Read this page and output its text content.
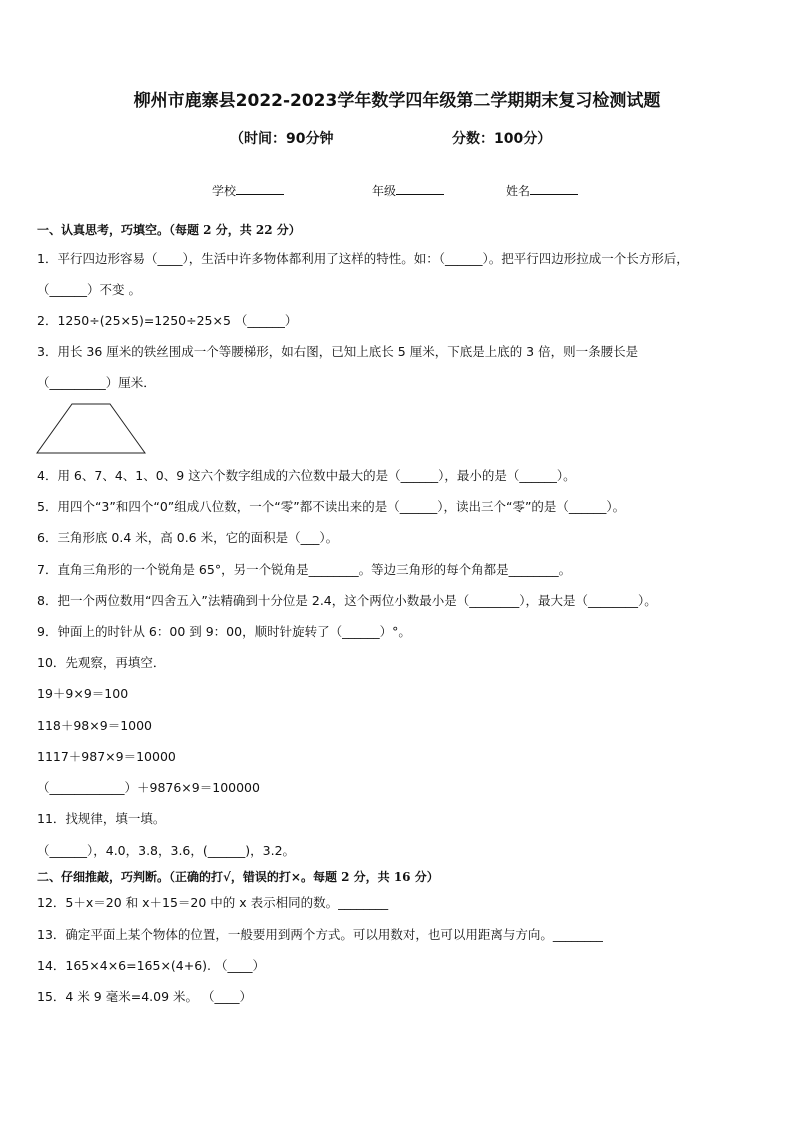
柳州市鹿寨县2022-2023学年数学四年级第二学期期末复习检测试题
（时间：90分钟	分数：100分）
学校	年级	姓名
一、认真思考，巧填空。（每题 2 分，共 22 分）
1．平行四边形容易（____），生活中许多物体都利用了这样的特性。如：（______）。把平行四边形拉成一个长方形后，
（______）不变 。
2．1250÷(25×5)=1250÷25×5 （______）
3．用长 36 厘米的铁丝围成一个等腰梯形，如右图，已知上底长 5 厘米，下底是上底的 3 倍，则一条腰长是
（_________）厘米．
4．用 6、7、4、1、0、9 这六个数字组成的六位数中最大的是（______），最小的是（______）。
5．用四个“3”和四个“0”组成八位数，一个“零”都不读出来的是（______），读出三个“零”的是（______）。
6．三角形底 0.4 米，高 0.6 米，它的面积是（___）。
7．直角三角形的一个锐角是 65°，另一个锐角是________。等边三角形的每个角都是________。
8．把一个两位数用“四舍五入”法精确到十分位是 2.4，这个两位小数最小是（________），最大是（________）。
9．钟面上的时针从 6：00 到 9：00，顺时针旋转了（______）°。
10．先观察，再填空．
19＋9×9＝100
118＋98×9＝1000
1117＋987×9＝10000
（____________）＋9876×9＝100000
11．找规律，填一填。
（______），4.0，3.8，3.6，(______)，3.2。
二、仔细推敲，巧判断。（正确的打√，错误的打×。每题 2 分，共 16 分）
12．5＋x＝20 和 x＋15＝20 中的 x 表示相同的数。________
13．确定平面上某个物体的位置，一般要用到两个方式。可以用数对，也可以用距离与方向。________
14．165×4×6=165×(4+6). （____）
15．4 米 9 毫米=4.09 米。 （____）
